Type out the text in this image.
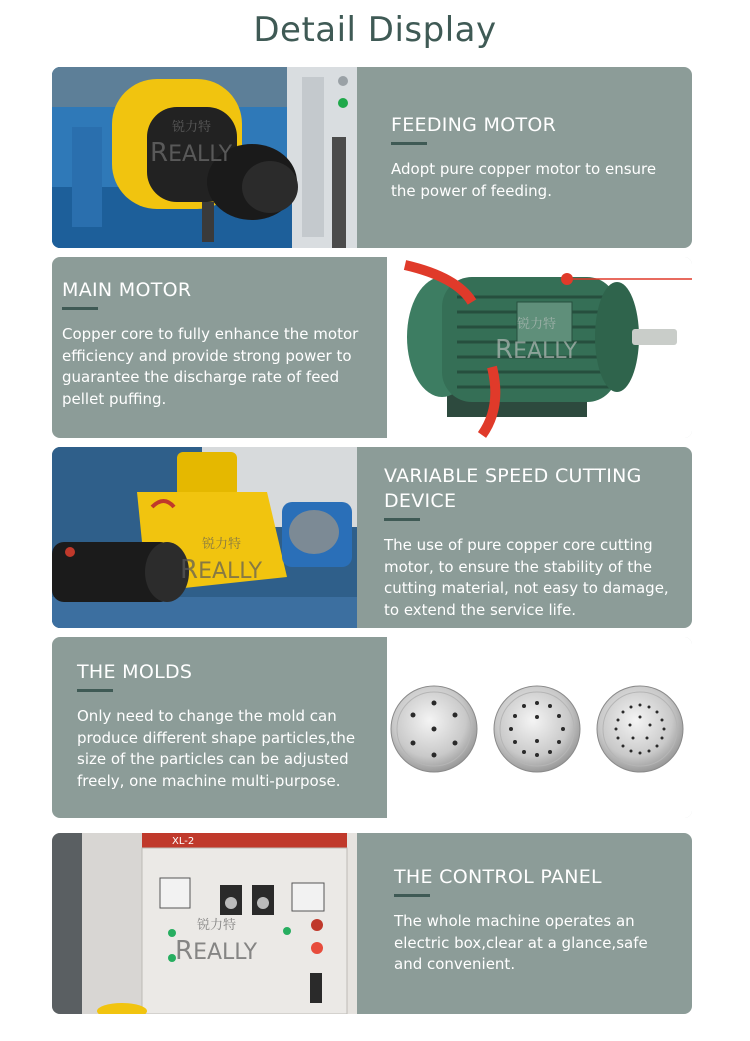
Detail Display
FEEDING MOTOR
Adopt pure copper motor to ensure
the power of feeding.
MAIN MOTOR
Copper core to fully enhance the motor
efficiency and provide strong power to
guarantee the discharge rate of feed
pellet puffing.
VARIABLE SPEED CUTTING
DEVICE
The use of pure copper core cutting
motor, to ensure the stability of the
cutting material, not easy to damage,
to extend the service life.
THE MOLDS
Only need to change the mold can
produce different shape particles,the
size of the particles can be adjusted
freely, one machine multi-purpose.
XL-2
THE CONTROL PANEL
The whole machine operates an
electric box,clear at a glance,safe
and convenient.
REALLY
锐力特
REALLY
锐力特
REALLY
锐力特
REALLY
锐力特
